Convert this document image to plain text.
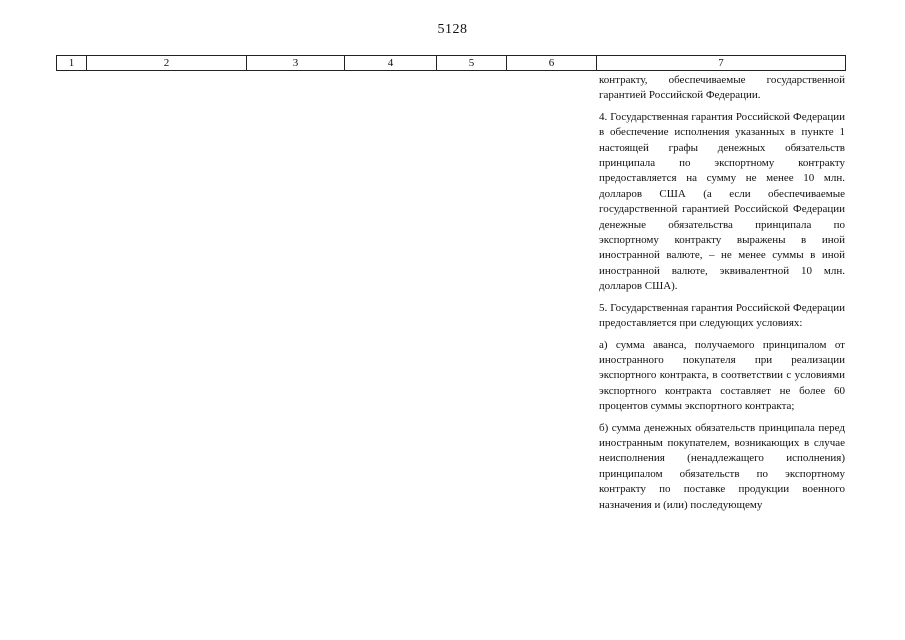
5128
1	2	3	4	5	6	7

контракту, обеспечиваемые государственной гарантией Российской Федерации.

4. Государственная гарантия Российской Федерации в обеспечение исполнения указанных в пункте 1 настоящей графы денежных обязательств принципала по экспортному контракту предоставляется на сумму не менее 10 млн. долларов США (а если обеспечиваемые государственной гарантией Российской Федерации денежные обязательства принципала по экспортному контракту выражены в иной иностранной валюте, – не менее суммы в иной иностранной валюте, эквивалентной 10 млн. долларов США).

5. Государственная гарантия Российской Федерации предоставляется при следующих условиях:

а) сумма аванса, получаемого принципалом от иностранного покупателя при реализации экспортного контракта, в соответствии с условиями экспортного контракта составляет не более 60 процентов суммы экспортного контракта;

б) сумма денежных обязательств принципала перед иностранным покупателем, возникающих в случае неисполнения (ненадлежащего исполнения) принципалом обязательств по экспортному контракту по поставке продукции военного назначения и (или) последующему
